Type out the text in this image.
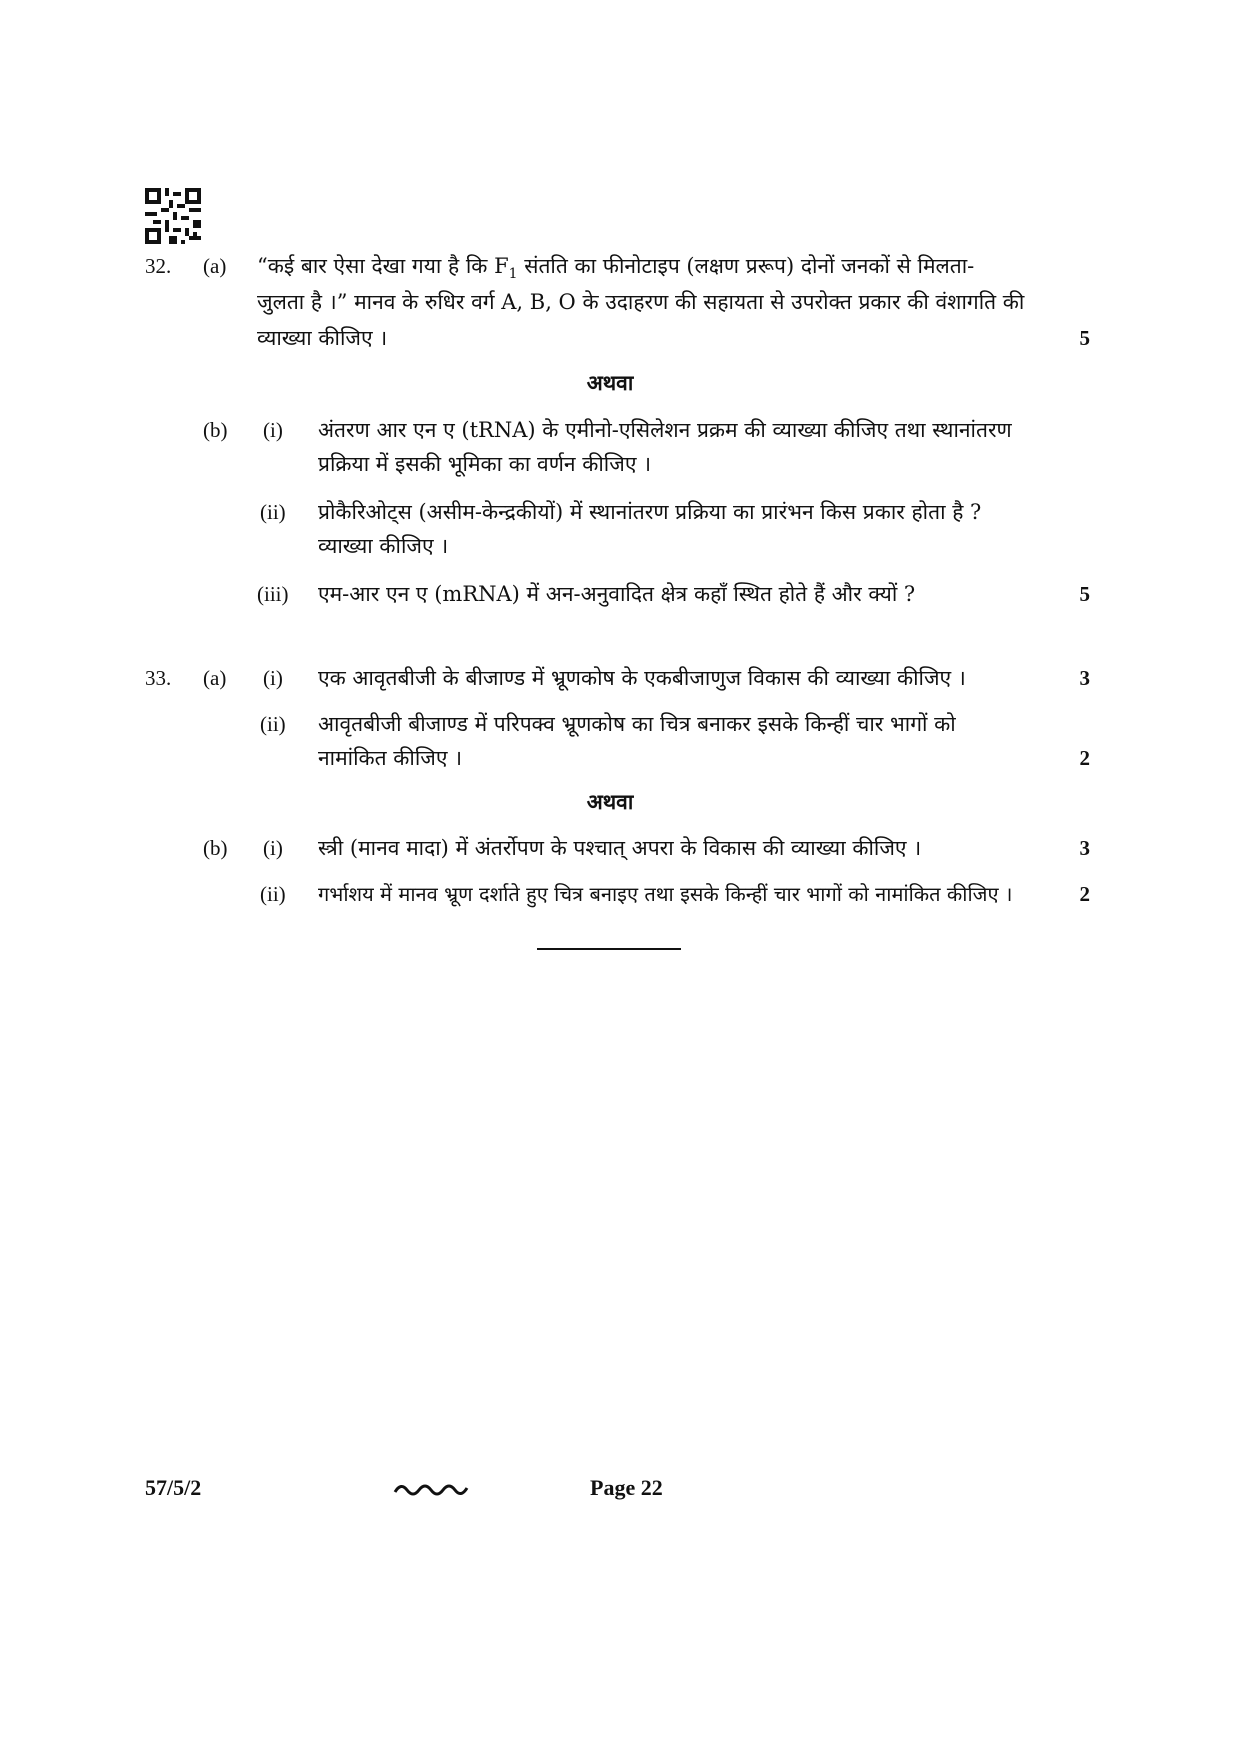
32. (a) “कई बार ऐसा देखा गया है कि $F_1$ संतति का फीनोटाइप (लक्षण प्ररूप) दोनों जनकों से मिलता-
जुलता है ।” मानव के रुधिर वर्ग A, B, O के उदाहरण की सहायता से उपरोक्त प्रकार की वंशागति की
व्याख्या कीजिए ।	5
अथवा
(b) (i) अंतरण आर एन ए (tRNA) के एमीनो-एसिलेशन प्रक्रम की व्याख्या कीजिए तथा स्थानांतरण
प्रक्रिया में इसकी भूमिका का वर्णन कीजिए ।
(ii) प्रोकैरिओट्स (असीम-केन्द्रकीयों) में स्थानांतरण प्रक्रिया का प्रारंभन किस प्रकार होता है ?
व्याख्या कीजिए ।
(iii) एम-आर एन ए (mRNA) में अन-अनुवादित क्षेत्र कहाँ स्थित होते हैं और क्यों ?	5
33. (a) (i) एक आवृतबीजी के बीजाण्ड में भ्रूणकोष के एकबीजाणुज विकास की व्याख्या कीजिए ।	3
(ii) आवृतबीजी बीजाण्ड में परिपक्व भ्रूणकोष का चित्र बनाकर इसके किन्हीं चार भागों को
नामांकित कीजिए ।	2
अथवा
(b) (i) स्त्री (मानव मादा) में अंतर्रोपण के पश्चात् अपरा के विकास की व्याख्या कीजिए ।	3
(ii) गर्भाशय में मानव भ्रूण दर्शाते हुए चित्र बनाइए तथा इसके किन्हीं चार भागों को नामांकित कीजिए ।	2
57/5/2	Page 22
